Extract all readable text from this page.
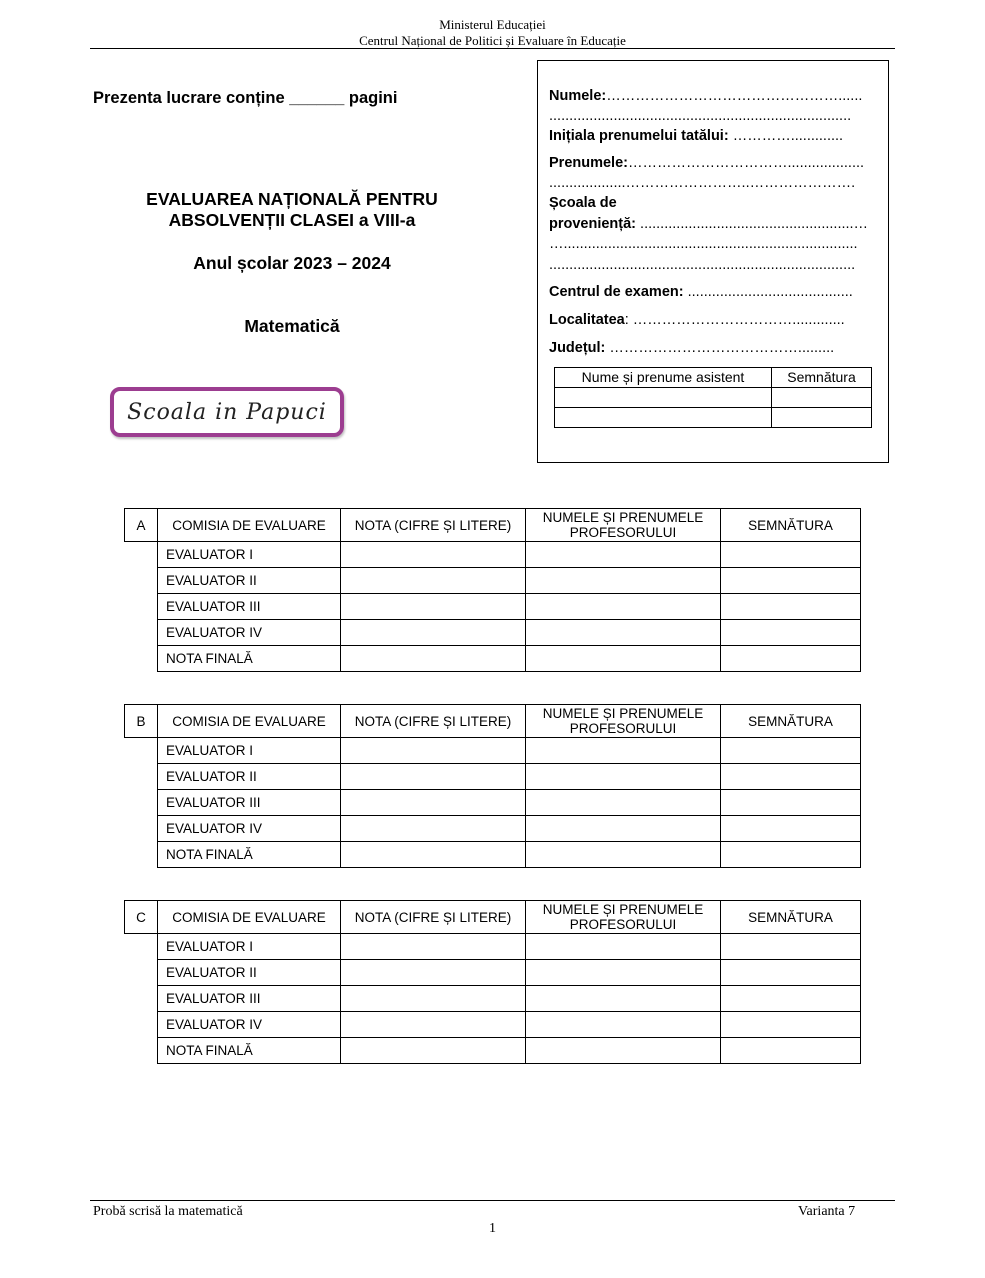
Ministerul Educației
Centrul Național de Politici și Evaluare în Educație
Prezenta lucrare conține ______ pagini
EVALUAREA NAȚIONALĂ PENTRU
ABSOLVENȚII CLASEI a VIII-a
Anul școlar 2023 – 2024
Matematică
Scoala in Papuci
Numele:…………………………………………......
...........................................................................
Inițiala prenumelui tatălui: ………….............
Prenumele:……………………………...................
...................……………………..………………….
Școala de
proveniență: .....................................................…
….........................................................................
............................................................................
Centrul de examen: .........................................
Localitatea: …………………………….............
Județul: ………………………………….........
Nume și prenume asistent	Semnătura

A	COMISIA DE EVALUARE	NOTA (CIFRE ȘI LITERE)	NUMELE ȘI PRENUMELE
PROFESORULUI	SEMNĂTURA
	EVALUATOR I			
	EVALUATOR II			
	EVALUATOR III			
	EVALUATOR IV			
	NOTA FINALĂ			
B	COMISIA DE EVALUARE	NOTA (CIFRE ȘI LITERE)	NUMELE ȘI PRENUMELE
PROFESORULUI	SEMNĂTURA
	EVALUATOR I			
	EVALUATOR II			
	EVALUATOR III			
	EVALUATOR IV			
	NOTA FINALĂ			
C	COMISIA DE EVALUARE	NOTA (CIFRE ȘI LITERE)	NUMELE ȘI PRENUMELE
PROFESORULUI	SEMNĂTURA
	EVALUATOR I			
	EVALUATOR II			
	EVALUATOR III			
	EVALUATOR IV			
	NOTA FINALĂ			
Probă scrisă la matematică	Varianta 7
1
